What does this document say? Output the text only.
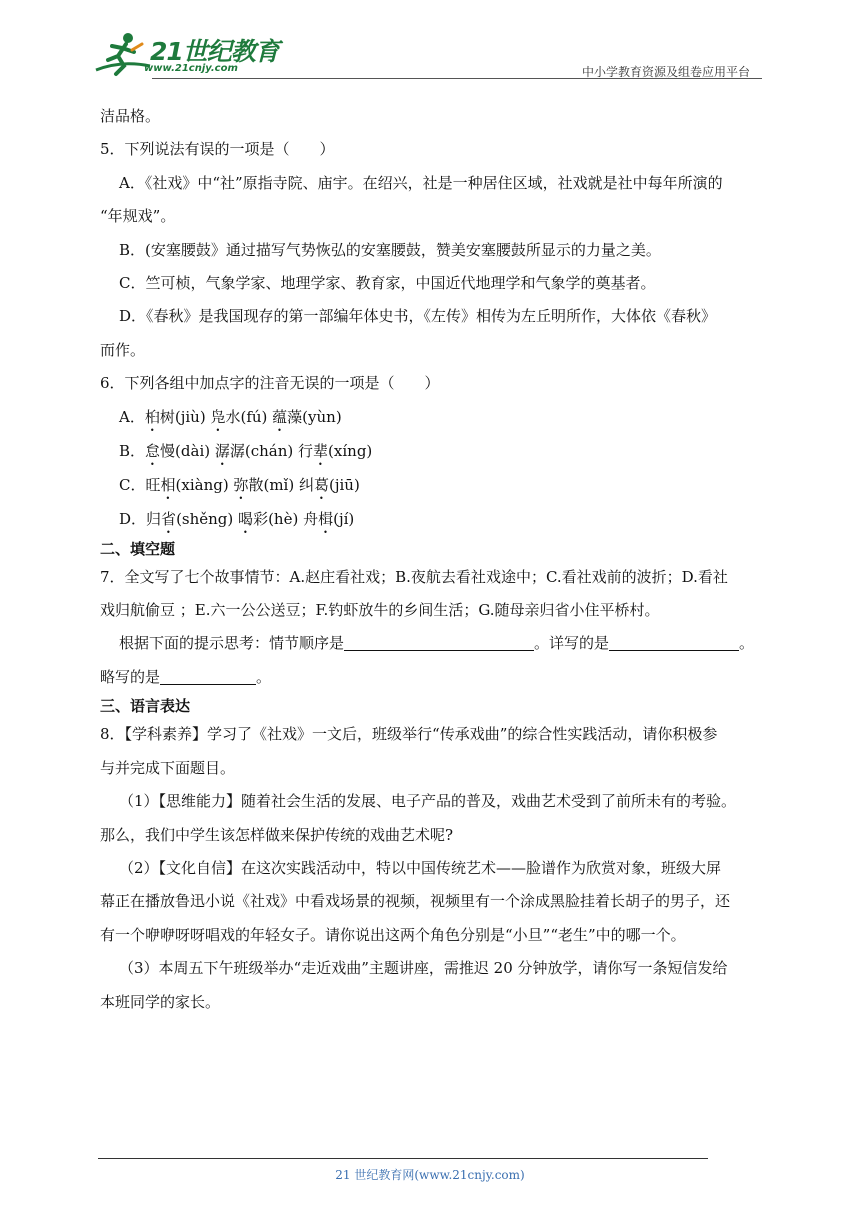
21世纪教育
www.21cnjy.com	中小学教育资源及组卷应用平台

洁品格。

5．下列说法有误的一项是（　　）

A．《社戏》中“社”原指寺院、庙宇。在绍兴，社是一种居住区域，社戏就是社中每年所演的

“年规戏”。

B．(安塞腰鼓》通过描写气势恢弘的安塞腰鼓，赞美安塞腰鼓所显示的力量之美。

C．竺可桢，气象学家、地理学家、教育家，中国近代地理学和气象学的奠基者。

D．《春秋》是我国现存的第一部编年体史书，《左传》相传为左丘明所作，大体依《春秋》

而作。

6．下列各组中加点字的注音无误的一项是（　　）

A．桕树(jiù) 凫水(fú) 蕴藻(yùn)

B．怠慢(dài) 潺潺(chán) 行辈(xíng)

C．旺相(xiàng) 弥散(mǐ) 纠葛(jiū)

D．归省(shěng) 喝彩(hè) 舟楫(jí)

二、填空题

7．全文写了七个故事情节：A.赵庄看社戏；B.夜航去看社戏途中；C.看社戏前的波折；D.看社

戏归航偷豆 ；E.六一公公送豆；F.钓虾放牛的乡间生活；G.随母亲归省小住平桥村。

根据下面的提示思考：情节顺序是	。详写的是	。

略写的是	。

三、语言表达

8．【学科素养】学习了《社戏》一文后，班级举行“传承戏曲”的综合性实践活动，请你积极参

与并完成下面题目。

（1）【思维能力】随着社会生活的发展、电子产品的普及，戏曲艺术受到了前所未有的考验。

那么，我们中学生该怎样做来保护传统的戏曲艺术呢?

（2）【文化自信】在这次实践活动中，特以中国传统艺术——脸谱作为欣赏对象，班级大屏

幕正在播放鲁迅小说《社戏》中看戏场景的视频，视频里有一个涂成黑脸挂着长胡子的男子，还

有一个咿咿呀呀唱戏的年轻女子。请你说出这两个角色分别是“小旦”“老生”中的哪一个。

（3）本周五下午班级举办“走近戏曲”主题讲座，需推迟 20 分钟放学，请你写一条短信发给

本班同学的家长。

21 世纪教育网(www.21cnjy.com)
